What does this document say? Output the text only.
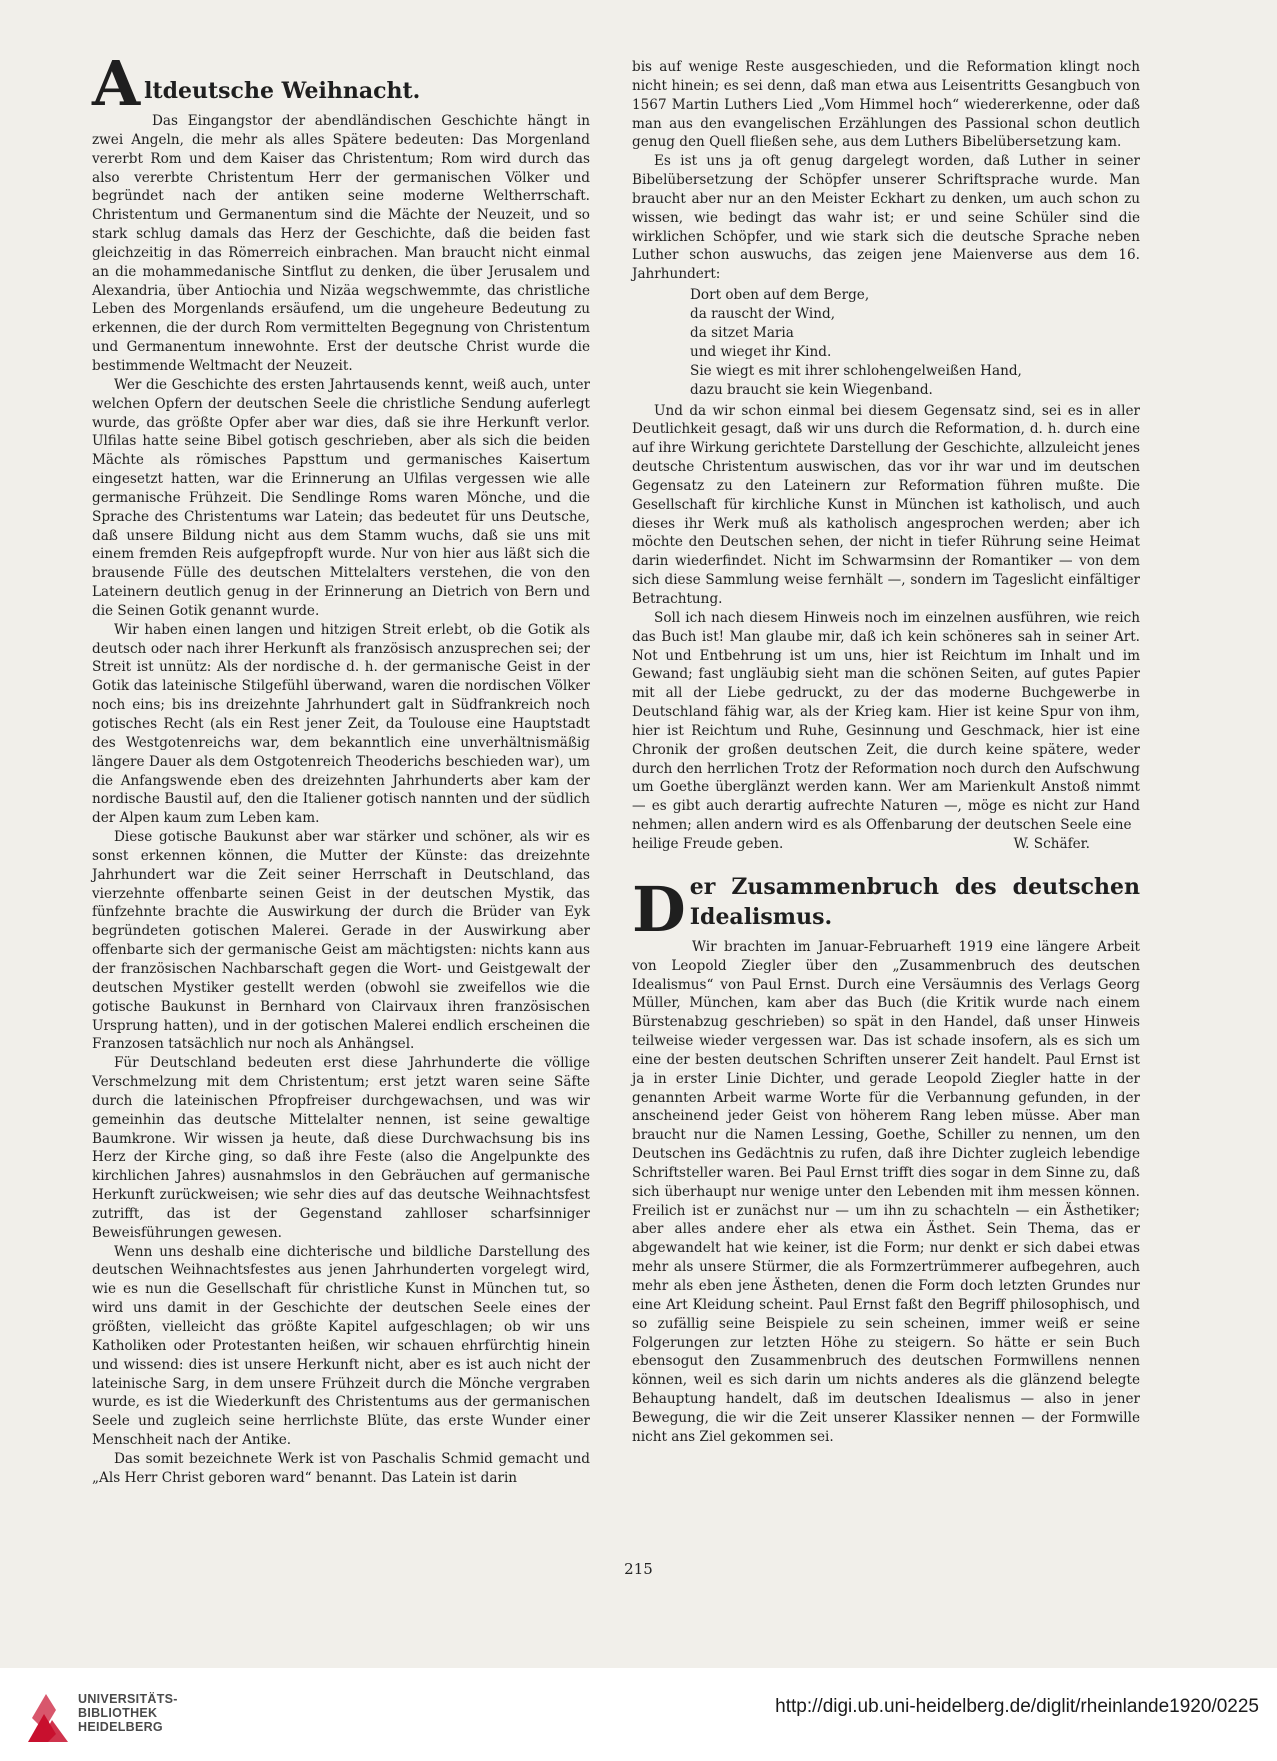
A ltdeutsche Weihnacht.

Das Eingangstor der abendländischen Geschichte hängt in zwei Angeln, die mehr als alles Spätere bedeuten: Das Morgenland vererbt Rom und dem Kaiser das Christentum; Rom wird durch das also vererbte Christentum Herr der germanischen Völker und begründet nach der antiken seine moderne Weltherrschaft. Christentum und Germanentum sind die Mächte der Neuzeit, und so stark schlug damals das Herz der Geschichte, daß die beiden fast gleichzeitig in das Römerreich einbrachen. Man braucht nicht einmal an die mohammedanische Sintflut zu denken, die über Jerusalem und Alexandria, über Antiochia und Nizäa wegschwemmte, das christliche Leben des Morgenlands ersäufend, um die ungeheure Bedeutung zu erkennen, die der durch Rom vermittelten Begegnung von Christentum und Germanentum innewohnte. Erst der deutsche Christ wurde die bestimmende Weltmacht der Neuzeit.

Wer die Geschichte des ersten Jahrtausends kennt, weiß auch, unter welchen Opfern der deutschen Seele die christliche Sendung auferlegt wurde, das größte Opfer aber war dies, daß sie ihre Herkunft verlor. Ulfilas hatte seine Bibel gotisch geschrieben, aber als sich die beiden Mächte als römisches Papsttum und germanisches Kaisertum eingesetzt hatten, war die Erinnerung an Ulfilas vergessen wie alle germanische Frühzeit. Die Sendlinge Roms waren Mönche, und die Sprache des Christentums war Latein; das bedeutet für uns Deutsche, daß unsere Bildung nicht aus dem Stamm wuchs, daß sie uns mit einem fremden Reis aufgepfropft wurde. Nur von hier aus läßt sich die brausende Fülle des deutschen Mittelalters verstehen, die von den Lateinern deutlich genug in der Erinnerung an Dietrich von Bern und die Seinen Gotik genannt wurde.

Wir haben einen langen und hitzigen Streit erlebt, ob die Gotik als deutsch oder nach ihrer Herkunft als französisch anzusprechen sei; der Streit ist unnütz: Als der nordische d. h. der germanische Geist in der Gotik das lateinische Stilgefühl überwand, waren die nordischen Völker noch eins; bis ins dreizehnte Jahrhundert galt in Südfrankreich noch gotisches Recht (als ein Rest jener Zeit, da Toulouse eine Hauptstadt des Westgotenreichs war, dem bekanntlich eine unverhältnismäßig längere Dauer als dem Ostgotenreich Theoderichs beschieden war), um die Anfangswende eben des dreizehnten Jahrhunderts aber kam der nordische Baustil auf, den die Italiener gotisch nannten und der südlich der Alpen kaum zum Leben kam.

Diese gotische Baukunst aber war stärker und schöner, als wir es sonst erkennen können, die Mutter der Künste: das dreizehnte Jahrhundert war die Zeit seiner Herrschaft in Deutschland, das vierzehnte offenbarte seinen Geist in der deutschen Mystik, das fünfzehnte brachte die Auswirkung der durch die Brüder van Eyk begründeten gotischen Malerei. Gerade in der Auswirkung aber offenbarte sich der germanische Geist am mächtigsten: nichts kann aus der französischen Nachbarschaft gegen die Wort- und Geistgewalt der deutschen Mystiker gestellt werden (obwohl sie zweifellos wie die gotische Baukunst in Bernhard von Clairvaux ihren französischen Ursprung hatten), und in der gotischen Malerei endlich erscheinen die Franzosen tatsächlich nur noch als Anhängsel.

Für Deutschland bedeuten erst diese Jahrhunderte die völlige Verschmelzung mit dem Christentum; erst jetzt waren seine Säfte durch die lateinischen Pfropfreiser durchgewachsen, und was wir gemeinhin das deutsche Mittelalter nennen, ist seine gewaltige Baumkrone. Wir wissen ja heute, daß diese Durchwachsung bis ins Herz der Kirche ging, so daß ihre Feste (also die Angelpunkte des kirchlichen Jahres) ausnahmslos in den Gebräuchen auf germanische Herkunft zurückweisen; wie sehr dies auf das deutsche Weihnachtsfest zutrifft, das ist der Gegenstand zahlloser scharfsinniger Beweisführungen gewesen.

Wenn uns deshalb eine dichterische und bildliche Darstellung des deutschen Weihnachtsfestes aus jenen Jahrhunderten vorgelegt wird, wie es nun die Gesellschaft für christliche Kunst in München tut, so wird uns damit in der Geschichte der deutschen Seele eines der größten, vielleicht das größte Kapitel aufgeschlagen; ob wir uns Katholiken oder Protestanten heißen, wir schauen ehrfürchtig hinein und wissend: dies ist unsere Herkunft nicht, aber es ist auch nicht der lateinische Sarg, in dem unsere Frühzeit durch die Mönche vergraben wurde, es ist die Wiederkunft des Christentums aus der germanischen Seele und zugleich seine herrlichste Blüte, das erste Wunder einer Menschheit nach der Antike.

Das somit bezeichnete Werk ist von Paschalis Schmid gemacht und „Als Herr Christ geboren ward“ benannt. Das Latein ist darin

bis auf wenige Reste ausgeschieden, und die Reformation klingt noch nicht hinein; es sei denn, daß man etwa aus Leisentritts Gesangbuch von 1567 Martin Luthers Lied „Vom Himmel hoch“ wiedererkenne, oder daß man aus den evangelischen Erzählungen des Passional schon deutlich genug den Quell fließen sehe, aus dem Luthers Bibelübersetzung kam.

Es ist uns ja oft genug dargelegt worden, daß Luther in seiner Bibelübersetzung der Schöpfer unserer Schriftsprache wurde. Man braucht aber nur an den Meister Eckhart zu denken, um auch schon zu wissen, wie bedingt das wahr ist; er und seine Schüler sind die wirklichen Schöpfer, und wie stark sich die deutsche Sprache neben Luther schon auswuchs, das zeigen jene Maienverse aus dem 16. Jahrhundert:

Dort oben auf dem Berge,
da rauscht der Wind,
da sitzet Maria
und wieget ihr Kind.
Sie wiegt es mit ihrer schlohengelweißen Hand,
dazu braucht sie kein Wiegenband.

Und da wir schon einmal bei diesem Gegensatz sind, sei es in aller Deutlichkeit gesagt, daß wir uns durch die Reformation, d. h. durch eine auf ihre Wirkung gerichtete Darstellung der Geschichte, allzuleicht jenes deutsche Christentum auswischen, das vor ihr war und im deutschen Gegensatz zu den Lateinern zur Reformation führen mußte. Die Gesellschaft für kirchliche Kunst in München ist katholisch, und auch dieses ihr Werk muß als katholisch angesprochen werden; aber ich möchte den Deutschen sehen, der nicht in tiefer Rührung seine Heimat darin wiederfindet. Nicht im Schwarmsinn der Romantiker — von dem sich diese Sammlung weise fernhält —, sondern im Tageslicht einfältiger Betrachtung.

Soll ich nach diesem Hinweis noch im einzelnen ausführen, wie reich das Buch ist! Man glaube mir, daß ich kein schöneres sah in seiner Art. Not und Entbehrung ist um uns, hier ist Reichtum im Inhalt und im Gewand; fast ungläubig sieht man die schönen Seiten, auf gutes Papier mit all der Liebe gedruckt, zu der das moderne Buchgewerbe in Deutschland fähig war, als der Krieg kam. Hier ist keine Spur von ihm, hier ist Reichtum und Ruhe, Gesinnung und Geschmack, hier ist eine Chronik der großen deutschen Zeit, die durch keine spätere, weder durch den herrlichen Trotz der Reformation noch durch den Aufschwung um Goethe überglänzt werden kann. Wer am Marienkult Anstoß nimmt — es gibt auch derartig aufrechte Naturen —, möge es nicht zur Hand nehmen; allen andern wird es als Offenbarung der deutschen Seele eine

heilige Freude geben.	W. Schäfer.
D er Zusammenbruch des deutschen Idealismus.

Wir brachten im Januar-Februarheft 1919 eine längere Arbeit von Leopold Ziegler über den „Zusammenbruch des deutschen Idealismus“ von Paul Ernst. Durch eine Versäumnis des Verlags Georg Müller, München, kam aber das Buch (die Kritik wurde nach einem Bürstenabzug geschrieben) so spät in den Handel, daß unser Hinweis teilweise wieder vergessen war. Das ist schade insofern, als es sich um eine der besten deutschen Schriften unserer Zeit handelt. Paul Ernst ist ja in erster Linie Dichter, und gerade Leopold Ziegler hatte in der genannten Arbeit warme Worte für die Verbannung gefunden, in der anscheinend jeder Geist von höherem Rang leben müsse. Aber man braucht nur die Namen Lessing, Goethe, Schiller zu nennen, um den Deutschen ins Gedächtnis zu rufen, daß ihre Dichter zugleich lebendige Schriftsteller waren. Bei Paul Ernst trifft dies sogar in dem Sinne zu, daß sich überhaupt nur wenige unter den Lebenden mit ihm messen können. Freilich ist er zunächst nur — um ihn zu schachteln — ein Ästhetiker; aber alles andere eher als etwa ein Ästhet. Sein Thema, das er abgewandelt hat wie keiner, ist die Form; nur denkt er sich dabei etwas mehr als unsere Stürmer, die als Formzertrümmerer aufbegehren, auch mehr als eben jene Ästheten, denen die Form doch letzten Grundes nur eine Art Kleidung scheint. Paul Ernst faßt den Begriff philosophisch, und so zufällig seine Beispiele zu sein scheinen, immer weiß er seine Folgerungen zur letzten Höhe zu steigern. So hätte er sein Buch ebensogut den Zusammenbruch des deutschen Formwillens nennen können, weil es sich darin um nichts anderes als die glänzend belegte Behauptung handelt, daß im deutschen Idealismus — also in jener Bewegung, die wir die Zeit unserer Klassiker nennen — der Formwille nicht ans Ziel gekommen sei.

215
UNIVERSITÄTS-
BIBLIOTHEK
HEIDELBERG
http://digi.ub.uni-heidelberg.de/diglit/rheinlande1920/0225
